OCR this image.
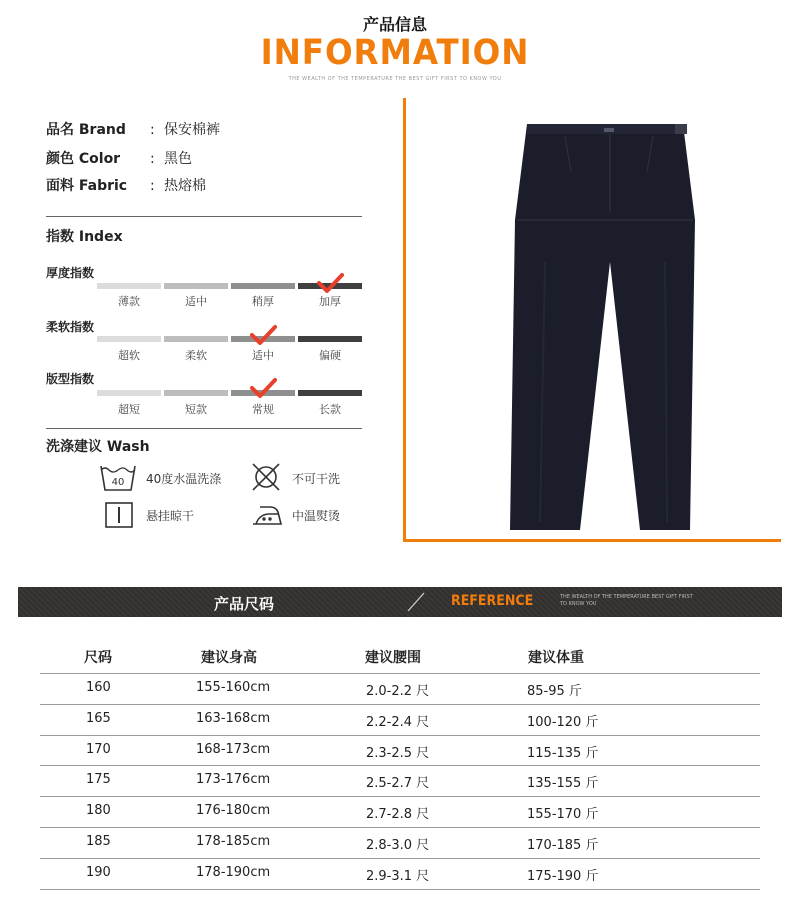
产品信息
INFORMATION
THE WEALTH OF THE TEMPERATURE THE BEST GIFT FIRST TO KNOW YOU
品名 Brand : 保安棉裤
颜色 Color : 黑色
面料 Fabric : 热熔棉
指数 Index
厚度指数
薄款	适中	稍厚	加厚
柔软指数
超软	柔软	适中	偏硬
版型指数
超短	短款	常规	长款
洗涤建议 Wash
40 40度水温洗涤	不可干洗
悬挂晾干	中温熨烫
产品尺码	REFERENCE	THE WEALTH OF THE TEMPERATURE BEST GIFT FIRST TO KNOW YOU
尺码	建议身高	建议腰围	建议体重
160	155-160cm	2.0-2.2 尺	85-95 斤
165	163-168cm	2.2-2.4 尺	100-120 斤
170	168-173cm	2.3-2.5 尺	115-135 斤
175	173-176cm	2.5-2.7 尺	135-155 斤
180	176-180cm	2.7-2.8 尺	155-170 斤
185	178-185cm	2.8-3.0 尺	170-185 斤
190	178-190cm	2.9-3.1 尺	175-190 斤
